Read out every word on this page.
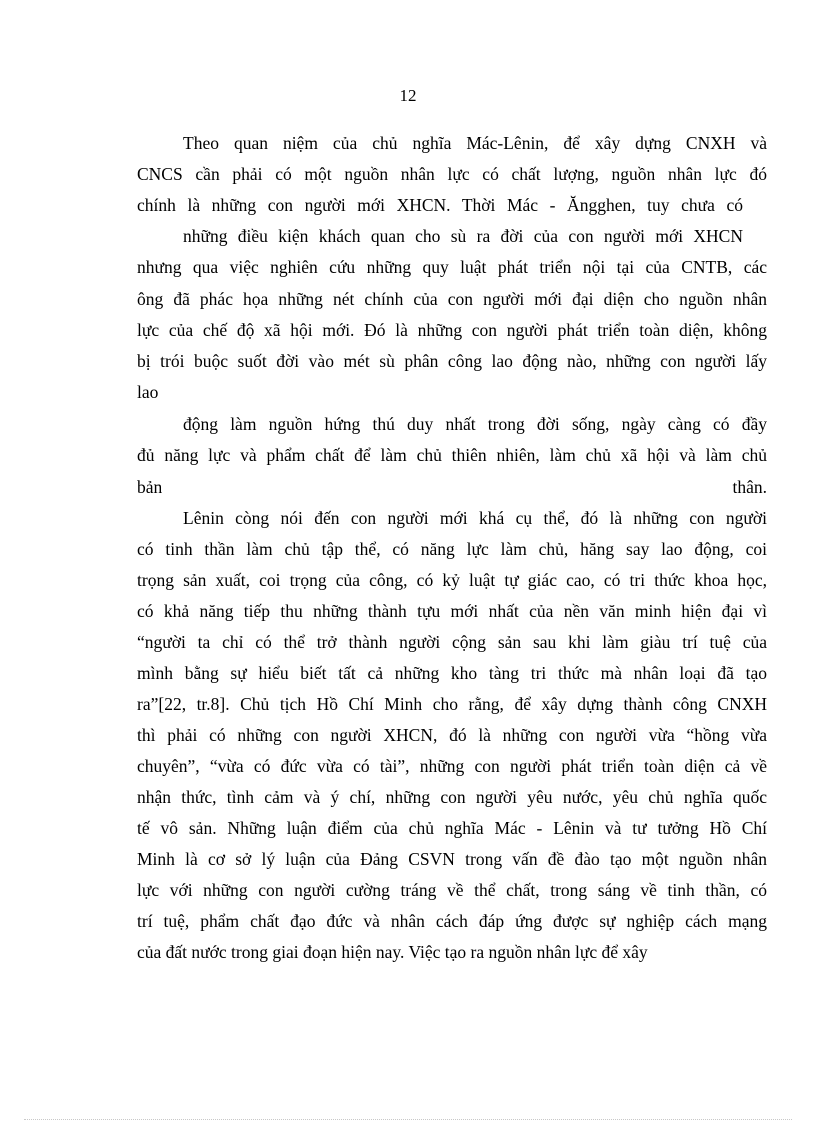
12
Theo quan niệm của chủ nghĩa Mác-Lênin, để xây dựng CNXH và
CNCS cần phải có một nguồn nhân lực có chất lượng, nguồn nhân lực đó
chính là những con người mới XHCN. Thời Mác - Ăngghen, tuy chưa có
những điều kiện khách quan cho sù ra đời của con người mới XHCN
nhưng qua việc nghiên cứu những quy luật phát triển nội tại của CNTB, các
ông đã phác họa những nét chính của con người mới đại diện cho nguồn nhân
lực của chế độ xã hội mới. Đó là những con người phát triển toàn diện, không
bị trói buộc suốt đời vào mét sù phân công lao động nào, những con người lấy
lao
động làm nguồn hứng thú duy nhất trong đời sống, ngày càng có đầy
đủ năng lực và phẩm chất để làm chủ thiên nhiên, làm chủ xã hội và làm chủ
bản	thân.
Lênin còng nói đến con người mới khá cụ thể, đó là những con người
có tinh thần làm chủ tập thể, có năng lực làm chủ, hăng say lao động, coi
trọng sản xuất, coi trọng của công, có kỷ luật tự giác cao, có tri thức khoa học,
có khả năng tiếp thu những thành tựu mới nhất của nền văn minh hiện đại vì
“người ta chỉ có thể trở thành người cộng sản sau khi làm giàu trí tuệ của
mình bằng sự hiểu biết tất cả những kho tàng tri thức mà nhân loại đã tạo
ra”[22, tr.8]. Chủ tịch Hồ Chí Minh cho rằng, để xây dựng thành công CNXH
thì phải có những con người XHCN, đó là những con người vừa “hồng vừa
chuyên”, “vừa có đức vừa có tài”, những con người phát triển toàn diện cả về
nhận thức, tình cảm và ý chí, những con người yêu nước, yêu chủ nghĩa quốc
tế vô sản. Những luận điểm của chủ nghĩa Mác - Lênin và tư tưởng Hồ Chí
Minh là cơ sở lý luận của Đảng CSVN trong vấn đề đào tạo một nguồn nhân
lực với những con người cường tráng về thể chất, trong sáng về tinh thần, có
trí tuệ, phẩm chất đạo đức và nhân cách đáp ứng được sự nghiệp cách mạng
của đất nước trong giai đoạn hiện nay. Việc tạo ra nguồn nhân lực để xây
